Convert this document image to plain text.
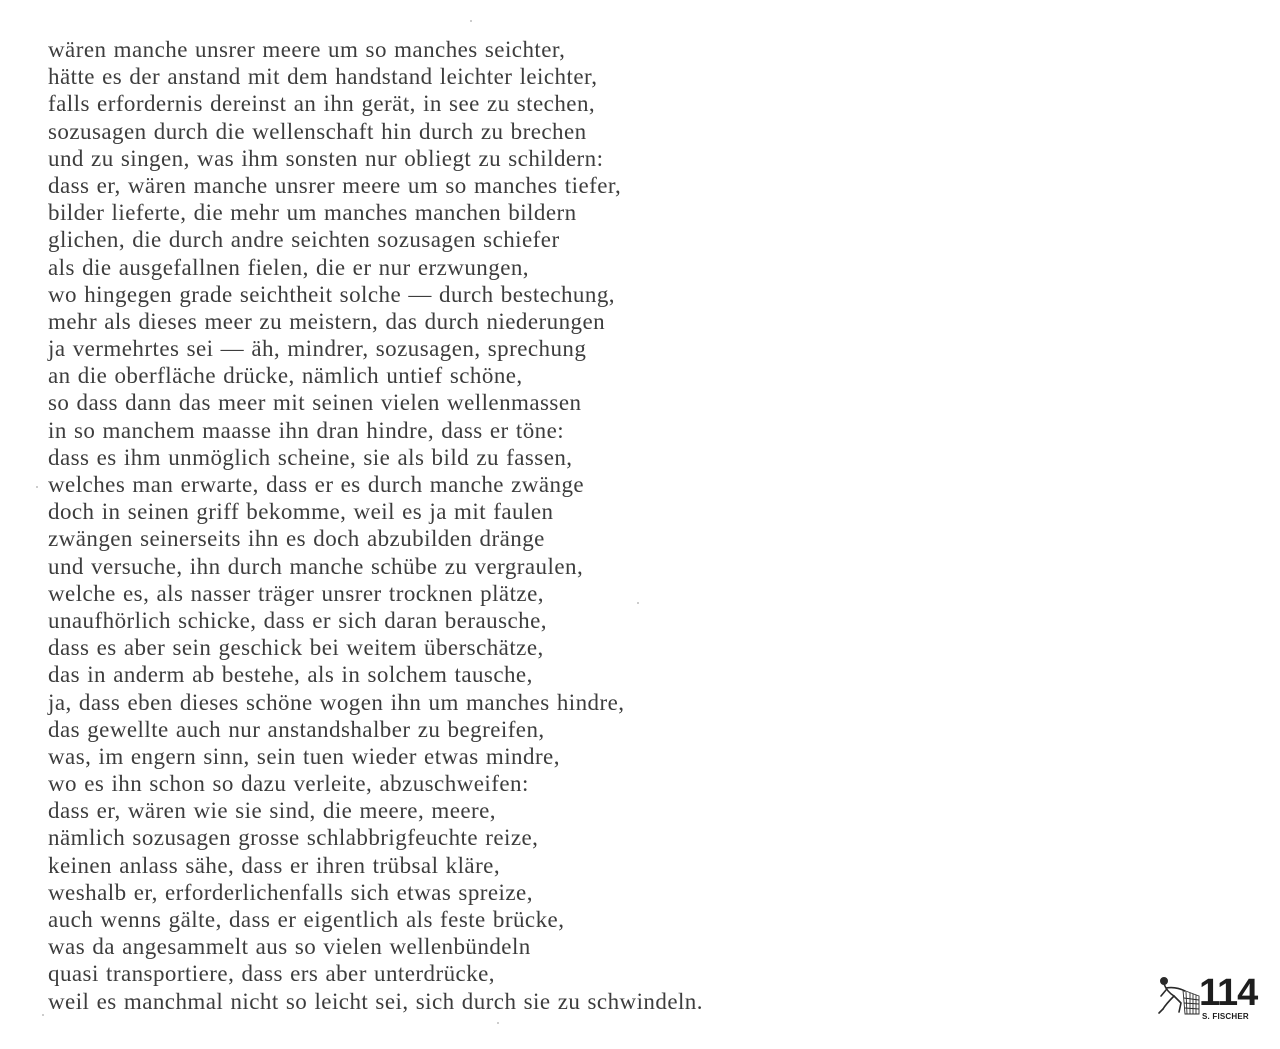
wären manche unsrer meere um so manches seichter,
hätte es der anstand mit dem handstand leichter leichter,
falls erfordernis dereinst an ihn gerät, in see zu stechen,
sozusagen durch die wellenschaft hin durch zu brechen
und zu singen, was ihm sonsten nur obliegt zu schildern:
dass er, wären manche unsrer meere um so manches tiefer,
bilder lieferte, die mehr um manches manchen bildern
glichen, die durch andre seichten sozusagen schiefer
als die ausgefallnen fielen, die er nur erzwungen,
wo hingegen grade seichtheit solche — durch bestechung,
mehr als dieses meer zu meistern, das durch niederungen
ja vermehrtes sei — äh, mindrer, sozusagen, sprechung
an die oberfläche drücke, nämlich untief schöne,
so dass dann das meer mit seinen vielen wellenmassen
in so manchem maasse ihn dran hindre, dass er töne:
dass es ihm unmöglich scheine, sie als bild zu fassen,
welches man erwarte, dass er es durch manche zwänge
doch in seinen griff bekomme, weil es ja mit faulen
zwängen seinerseits ihn es doch abzubilden dränge
und versuche, ihn durch manche schübe zu vergraulen,
welche es, als nasser träger unsrer trocknen plätze,
unaufhörlich schicke, dass er sich daran berausche,
dass es aber sein geschick bei weitem überschätze,
das in anderm ab bestehe, als in solchem tausche,
ja, dass eben dieses schöne wogen ihn um manches hindre,
das gewellte auch nur anstandshalber zu begreifen,
was, im engern sinn, sein tuen wieder etwas mindre,
wo es ihn schon so dazu verleite, abzuschweifen:
dass er, wären wie sie sind, die meere, meere,
nämlich sozusagen grosse schlabbrigfeuchte reize,
keinen anlass sähe, dass er ihren trübsal kläre,
weshalb er, erforderlichenfalls sich etwas spreize,
auch wenns gälte, dass er eigentlich als feste brücke,
was da angesammelt aus so vielen wellenbündeln
quasi transportiere, dass ers aber unterdrücke,
weil es manchmal nicht so leicht sei, sich durch sie zu schwindeln.	114
S. FISCHER
